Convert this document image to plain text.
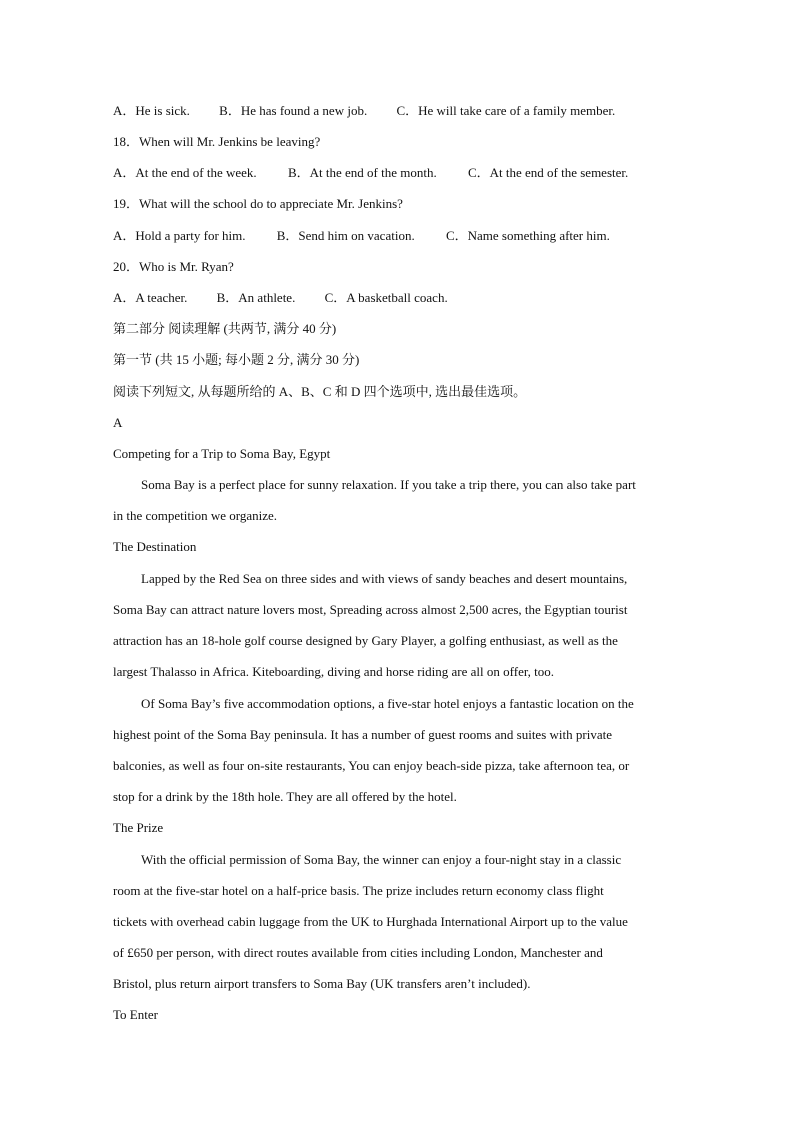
A．He is sick. B．He has found a new job. C．He will take care of a family member.
18．When will Mr. Jenkins be leaving?
A．At the end of the week. B．At the end of the month. C．At the end of the semester.
19．What will the school do to appreciate Mr. Jenkins?
A．Hold a party for him. B．Send him on vacation. C．Name something after him.
20．Who is Mr. Ryan?
A．A teacher. B．An athlete. C．A basketball coach.
第二部分 阅读理解 (共两节, 满分 40 分)
第一节 (共 15 小题; 每小题 2 分, 满分 30 分)
阅读下列短文, 从每题所给的 A、B、C 和 D 四个选项中, 选出最佳选项。
A
Competing for a Trip to Soma Bay, Egypt
Soma Bay is a perfect place for sunny relaxation. If you take a trip there, you can also take part
in the competition we organize.
The Destination
Lapped by the Red Sea on three sides and with views of sandy beaches and desert mountains,
Soma Bay can attract nature lovers most, Spreading across almost 2,500 acres, the Egyptian tourist
attraction has an 18-hole golf course designed by Gary Player, a golfing enthusiast, as well as the
largest Thalasso in Africa. Kiteboarding, diving and horse riding are all on offer, too.
Of Soma Bay’s five accommodation options, a five-star hotel enjoys a fantastic location on the
highest point of the Soma Bay peninsula. It has a number of guest rooms and suites with private
balconies, as well as four on-site restaurants, You can enjoy beach-side pizza, take afternoon tea, or
stop for a drink by the 18th hole. They are all offered by the hotel.
The Prize
With the official permission of Soma Bay, the winner can enjoy a four-night stay in a classic
room at the five-star hotel on a half-price basis. The prize includes return economy class flight
tickets with overhead cabin luggage from the UK to Hurghada International Airport up to the value
of £650 per person, with direct routes available from cities including London, Manchester and
Bristol, plus return airport transfers to Soma Bay (UK transfers aren’t included).
To Enter
